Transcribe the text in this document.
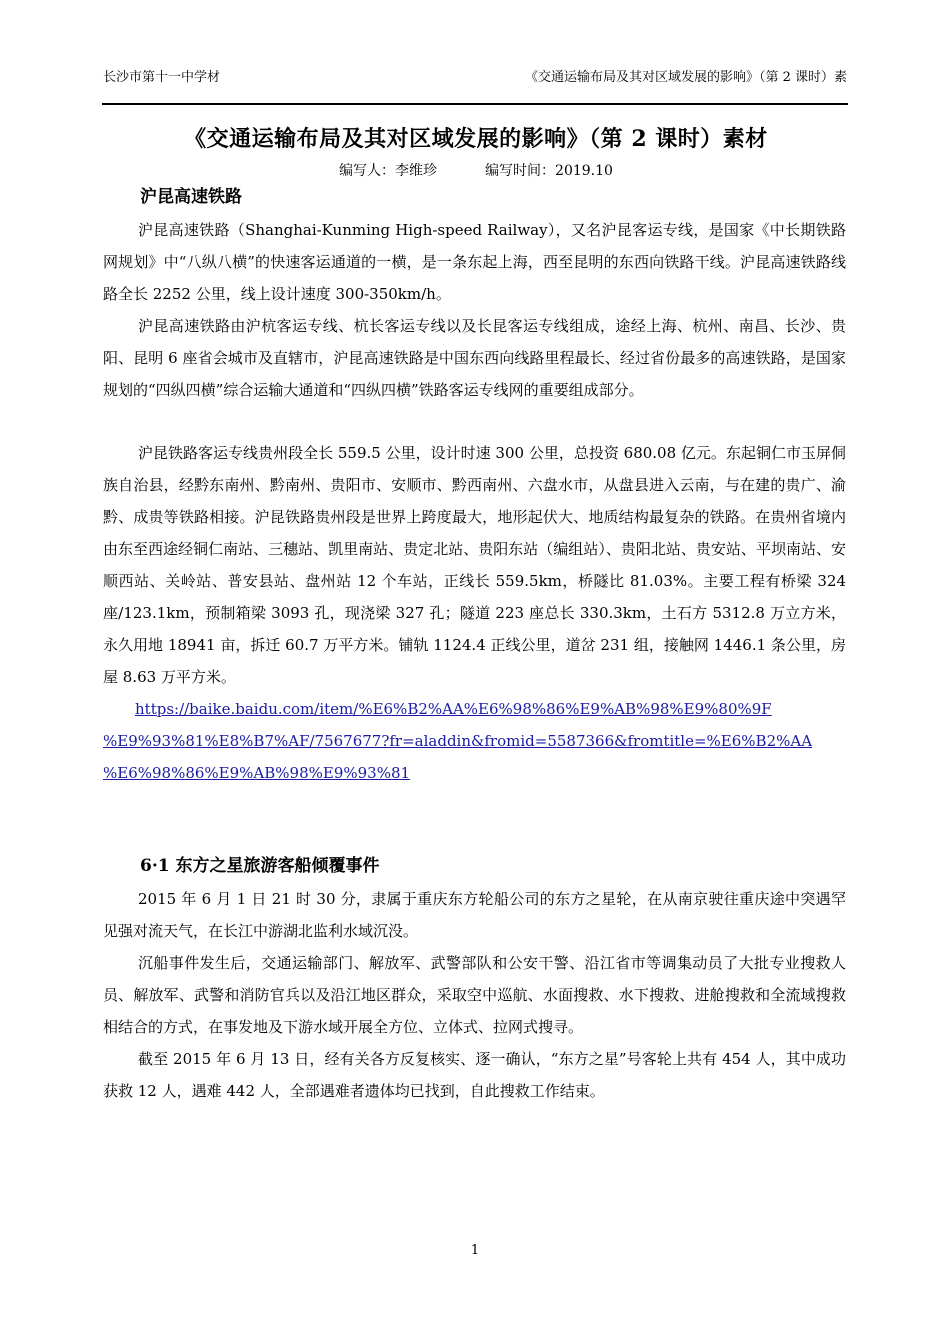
长沙市第十一中学材	《交通运输布局及其对区域发展的影响》（第 2 课时）素
《交通运输布局及其对区域发展的影响》（第 2 课时）素材
编写人：李维珍	编写时间：2019.10
沪昆高速铁路
沪昆高速铁路（Shanghai-Kunming High-speed Railway），又名沪昆客运专线，是国家《中长期铁路网规划》中“八纵八横”的快速客运通道的一横，是一条东起上海，西至昆明的东西向铁路干线。沪昆高速铁路线路全长 2252 公里，线上设计速度 300-350km/h。
沪昆高速铁路由沪杭客运专线、杭长客运专线以及长昆客运专线组成，途经上海、杭州、南昌、长沙、贵阳、昆明 6 座省会城市及直辖市，沪昆高速铁路是中国东西向线路里程最长、经过省份最多的高速铁路，是国家规划的“四纵四横”综合运输大通道和“四纵四横”铁路客运专线网的重要组成部分。
沪昆铁路客运专线贵州段全长 559.5 公里，设计时速 300 公里，总投资 680.08 亿元。东起铜仁市玉屏侗族自治县，经黔东南州、黔南州、贵阳市、安顺市、黔西南州、六盘水市，从盘县进入云南，与在建的贵广、渝黔、成贵等铁路相接。沪昆铁路贵州段是世界上跨度最大，地形起伏大、地质结构最复杂的铁路。在贵州省境内由东至西途经铜仁南站、三穗站、凯里南站、贵定北站、贵阳东站（编组站）、贵阳北站、贵安站、平坝南站、安顺西站、关岭站、普安县站、盘州站 12 个车站，正线长 559.5km，桥隧比 81.03%。主要工程有桥梁 324 座/123.1km，预制箱梁 3093 孔，现浇梁 327 孔；隧道 223 座总长 330.3km，土石方 5312.8 万立方米，永久用地 18941 亩，拆迁 60.7 万平方米。铺轨 1124.4 正线公里，道岔 231 组，接触网 1446.1 条公里，房屋 8.63 万平方米。
https://baike.baidu.com/item/%E6%B2%AA%E6%98%86%E9%AB%98%E9%80%9F
%E9%93%81%E8%B7%AF/7567677?fr=aladdin&fromid=5587366&fromtitle=%E6%B2%AA
%E6%98%86%E9%AB%98%E9%93%81
6·1 东方之星旅游客船倾覆事件
2015 年 6 月 1 日 21 时 30 分，隶属于重庆东方轮船公司的东方之星轮，在从南京驶往重庆途中突遇罕见强对流天气，在长江中游湖北监利水域沉没。
沉船事件发生后，交通运输部门、解放军、武警部队和公安干警、沿江省市等调集动员了大批专业搜救人员、解放军、武警和消防官兵以及沿江地区群众，采取空中巡航、水面搜救、水下搜救、进舱搜救和全流域搜救相结合的方式，在事发地及下游水域开展全方位、立体式、拉网式搜寻。
截至 2015 年 6 月 13 日，经有关各方反复核实、逐一确认，“东方之星”号客轮上共有 454 人，其中成功获救 12 人，遇难 442 人，全部遇难者遗体均已找到，自此搜救工作结束。
1
